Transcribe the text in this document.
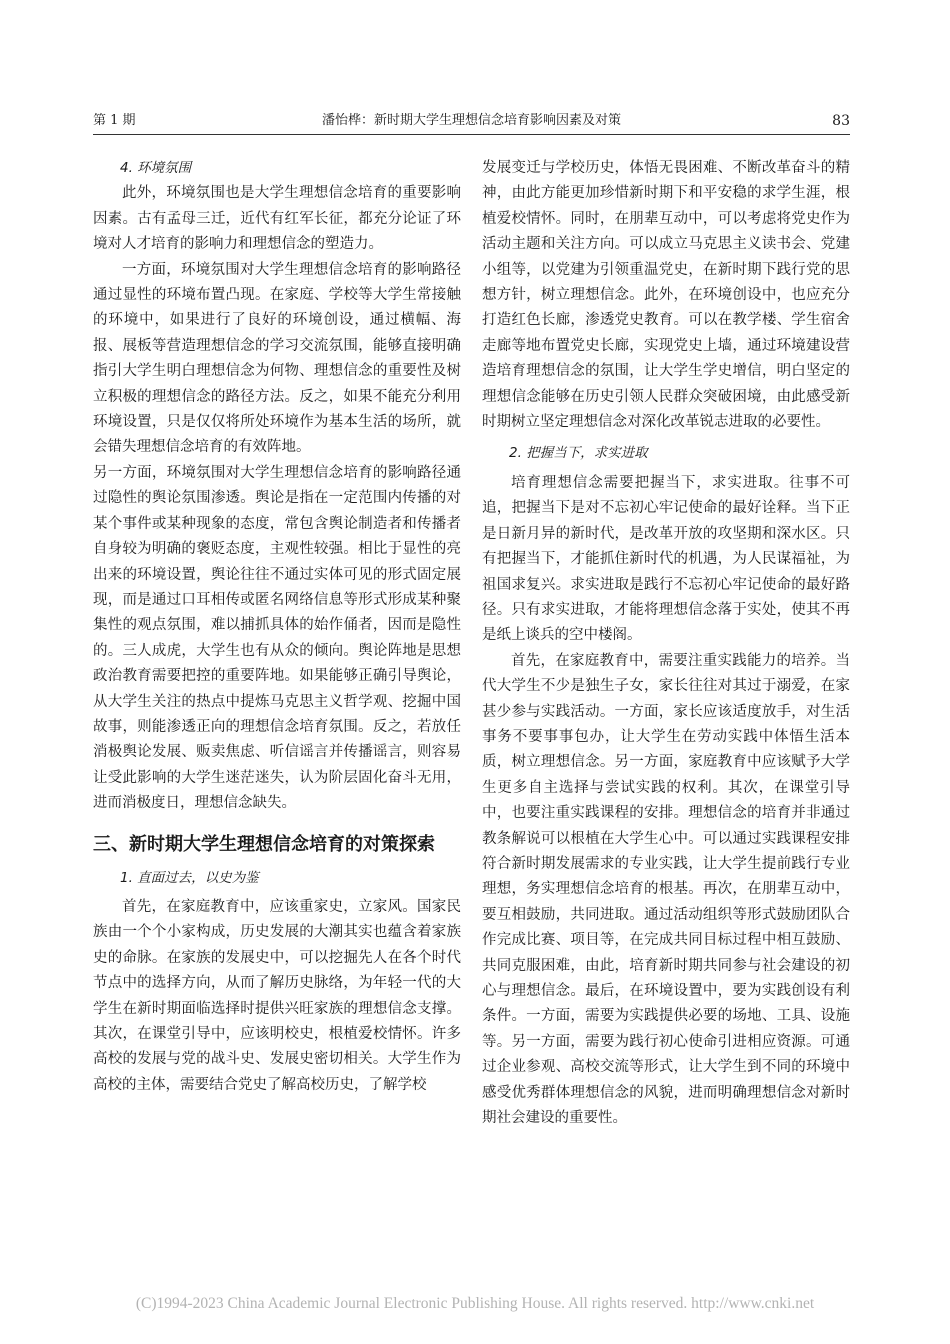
第 1 期	潘怡桦：新时期大学生理想信念培育影响因素及对策	83

4. 环境氛围

此外，环境氛围也是大学生理想信念培育的重要影响因素。古有孟母三迁，近代有红军长征，都充分论证了环境对人才培育的影响力和理想信念的塑造力。

一方面，环境氛围对大学生理想信念培育的影响路径通过显性的环境布置凸现。在家庭、学校等大学生常接触的环境中，如果进行了良好的环境创设，通过横幅、海报、展板等营造理想信念的学习交流氛围，能够直接明确指引大学生明白理想信念为何物、理想信念的重要性及树立积极的理想信念的路径方法。反之，如果不能充分利用环境设置，只是仅仅将所处环境作为基本生活的场所，就会错失理想信念培育的有效阵地。

另一方面，环境氛围对大学生理想信念培育的影响路径通过隐性的舆论氛围渗透。舆论是指在一定范围内传播的对某个事件或某种现象的态度，常包含舆论制造者和传播者自身较为明确的褒贬态度，主观性较强。相比于显性的亮出来的环境设置，舆论往往不通过实体可见的形式固定展现，而是通过口耳相传或匿名网络信息等形式形成某种聚集性的观点氛围，难以捕抓具体的始作俑者，因而是隐性的。三人成虎，大学生也有从众的倾向。舆论阵地是思想政治教育需要把控的重要阵地。如果能够正确引导舆论，从大学生关注的热点中提炼马克思主义哲学观、挖掘中国故事，则能渗透正向的理想信念培育氛围。反之，若放任消极舆论发展、贩卖焦虑、听信谣言并传播谣言，则容易让受此影响的大学生迷茫迷失，认为阶层固化奋斗无用，进而消极度日，理想信念缺失。

三、新时期大学生理想信念培育的对策探索

1. 直面过去，以史为鉴

首先，在家庭教育中，应该重家史，立家风。国家民族由一个个小家构成，历史发展的大潮其实也蕴含着家族史的命脉。在家族的发展史中，可以挖掘先人在各个时代节点中的选择方向，从而了解历史脉络，为年轻一代的大学生在新时期面临选择时提供兴旺家族的理想信念支撑。其次，在课堂引导中，应该明校史，根植爱校情怀。许多高校的发展与党的战斗史、发展史密切相关。大学生作为高校的主体，需要结合党史了解高校历史，了解学校

发展变迁与学校历史，体悟无畏困难、不断改革奋斗的精神，由此方能更加珍惜新时期下和平安稳的求学生涯，根植爱校情怀。同时，在朋辈互动中，可以考虑将党史作为活动主题和关注方向。可以成立马克思主义读书会、党建小组等，以党建为引领重温党史，在新时期下践行党的思想方针，树立理想信念。此外，在环境创设中，也应充分打造红色长廊，渗透党史教育。可以在教学楼、学生宿舍走廊等地布置党史长廊，实现党史上墙，通过环境建设营造培育理想信念的氛围，让大学生学史增信，明白坚定的理想信念能够在历史引领人民群众突破困境，由此感受新时期树立坚定理想信念对深化改革锐志进取的必要性。

2. 把握当下，求实进取

培育理想信念需要把握当下，求实进取。往事不可追，把握当下是对不忘初心牢记使命的最好诠释。当下正是日新月异的新时代，是改革开放的攻坚期和深水区。只有把握当下，才能抓住新时代的机遇，为人民谋福祉，为祖国求复兴。求实进取是践行不忘初心牢记使命的最好路径。只有求实进取，才能将理想信念落于实处，使其不再是纸上谈兵的空中楼阁。

首先，在家庭教育中，需要注重实践能力的培养。当代大学生不少是独生子女，家长往往对其过于溺爱，在家甚少参与实践活动。一方面，家长应该适度放手，对生活事务不要事事包办，让大学生在劳动实践中体悟生活本质，树立理想信念。另一方面，家庭教育中应该赋予大学生更多自主选择与尝试实践的权利。其次，在课堂引导中，也要注重实践课程的安排。理想信念的培育并非通过教条解说可以根植在大学生心中。可以通过实践课程安排符合新时期发展需求的专业实践，让大学生提前践行专业理想，务实理想信念培育的根基。再次，在朋辈互动中，要互相鼓励，共同进取。通过活动组织等形式鼓励团队合作完成比赛、项目等，在完成共同目标过程中相互鼓励、共同克服困难，由此，培育新时期共同参与社会建设的初心与理想信念。最后，在环境设置中，要为实践创设有利条件。一方面，需要为实践提供必要的场地、工具、设施等。另一方面，需要为践行初心使命引进相应资源。可通过企业参观、高校交流等形式，让大学生到不同的环境中感受优秀群体理想信念的风貌，进而明确理想信念对新时期社会建设的重要性。

(C)1994-2023 China Academic Journal Electronic Publishing House. All rights reserved. http://www.cnki.net
